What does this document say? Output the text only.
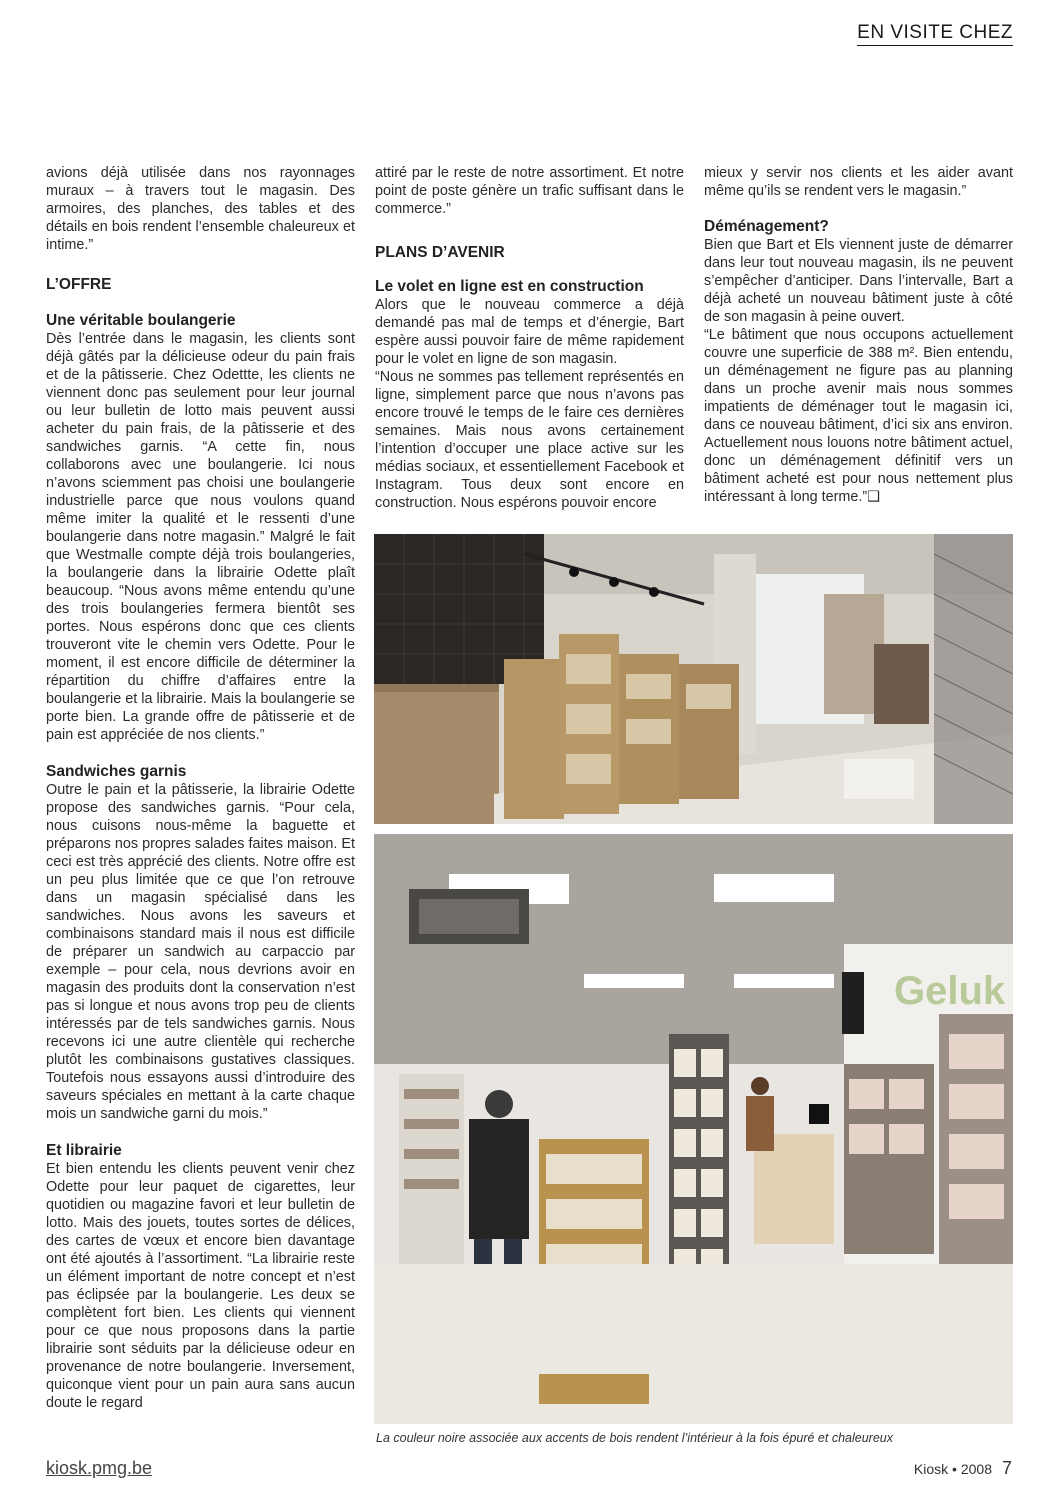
EN VISITE CHEZ

avions déjà utilisée dans nos rayonnages muraux – à travers tout le magasin. Des armoires, des planches, des tables et des détails en bois rendent l’ensemble chaleureux et intime.”

L’OFFRE
Une véritable boulangerie

Dès l’entrée dans le magasin, les clients sont déjà gâtés par la délicieuse odeur du pain frais et de la pâtisserie. Chez Odettte, les clients ne viennent donc pas seulement pour leur journal ou leur bulletin de lotto mais peuvent aussi acheter du pain frais, de la pâtisserie et des sandwiches garnis. “A cette fin, nous collaborons avec une boulangerie. Ici nous n’avons sciemment pas choisi une boulangerie industrielle parce que nous voulons quand même imiter la qualité et le ressenti d’une boulangerie dans notre magasin.” Malgré le fait que Westmalle compte déjà trois boulangeries, la boulangerie dans la librairie Odette plaît beaucoup. “Nous avons même entendu qu’une des trois boulangeries fermera bientôt ses portes. Nous espérons donc que ces clients trouveront vite le chemin vers Odette. Pour le moment, il est encore difficile de déterminer la répartition du chiffre d’affaires entre la boulangerie et la librairie. Mais la boulangerie se porte bien. La grande offre de pâtisserie et de pain est appréciée de nos clients.”

Sandwiches garnis

Outre le pain et la pâtisserie, la librairie Odette propose des sandwiches garnis. “Pour cela, nous cuisons nous-même la baguette et préparons nos propres salades faites maison. Et ceci est très apprécié des clients. Notre offre est un peu plus limitée que ce que l’on retrouve dans un magasin spécialisé dans les sandwiches. Nous avons les saveurs et combinaisons standard mais il nous est difficile de préparer un sandwich au carpaccio par exemple – pour cela, nous devrions avoir en magasin des produits dont la conservation n’est pas si longue et nous avons trop peu de clients intéressés par de tels sandwiches garnis. Nous recevons ici une autre clientèle qui recherche plutôt les combinaisons gustatives classiques. Toutefois nous essayons aussi d’introduire des saveurs spéciales en mettant à la carte chaque mois un sandwiche garni du mois.”

Et librairie

Et bien entendu les clients peuvent venir chez Odette pour leur paquet de cigarettes, leur quotidien ou magazine favori et leur bulletin de lotto. Mais des jouets, toutes sortes de délices, des cartes de vœux et encore bien davantage ont été ajoutés à l’assortiment. “La librairie reste un élément important de notre concept et n’est pas éclipsée par la boulangerie. Les deux se complètent fort bien. Les clients qui viennent pour ce que nous proposons dans la partie librairie sont séduits par la délicieuse odeur en provenance de notre boulangerie. Inversement, quiconque vient pour un pain aura sans aucun doute le regard

attiré par le reste de notre assortiment. Et notre point de poste génère un trafic suffisant dans le commerce.”

PLANS D’AVENIR
Le volet en ligne est en construction

Alors que le nouveau commerce a déjà demandé pas mal de temps et d’énergie, Bart espère aussi pouvoir faire de même rapidement pour le volet en ligne de son magasin.

“Nous ne sommes pas tellement représentés en ligne, simplement parce que nous n’avons pas encore trouvé le temps de le faire ces dernières semaines. Mais nous avons certainement l’intention d’occuper une place active sur les médias sociaux, et essentiellement Facebook et Instagram. Tous deux sont encore en construction. Nous espérons pouvoir encore

mieux y servir nos clients et les aider avant même qu’ils se rendent vers le magasin.”

Déménagement?

Bien que Bart et Els viennent juste de démarrer dans leur tout nouveau magasin, ils ne peuvent s’empêcher d’anticiper. Dans l’intervalle, Bart a déjà acheté un nouveau bâtiment juste à côté de son magasin à peine ouvert.

“Le bâtiment que nous occupons actuellement couvre une superficie de 388 m². Bien entendu, un déménagement ne figure pas au planning dans un proche avenir mais nous sommes impatients de déménager tout le magasin ici, dans ce nouveau bâtiment, d’ici six ans environ. Actuellement nous louons notre bâtiment actuel, donc un déménagement définitif vers un bâtiment acheté est pour nous nettement plus intéressant à long terme.”❑

Geluk
La couleur noire associée aux accents de bois rendent l’intérieur à la fois épuré et chaleureux
kiosk.pmg.be	Kiosk • 2008 7
